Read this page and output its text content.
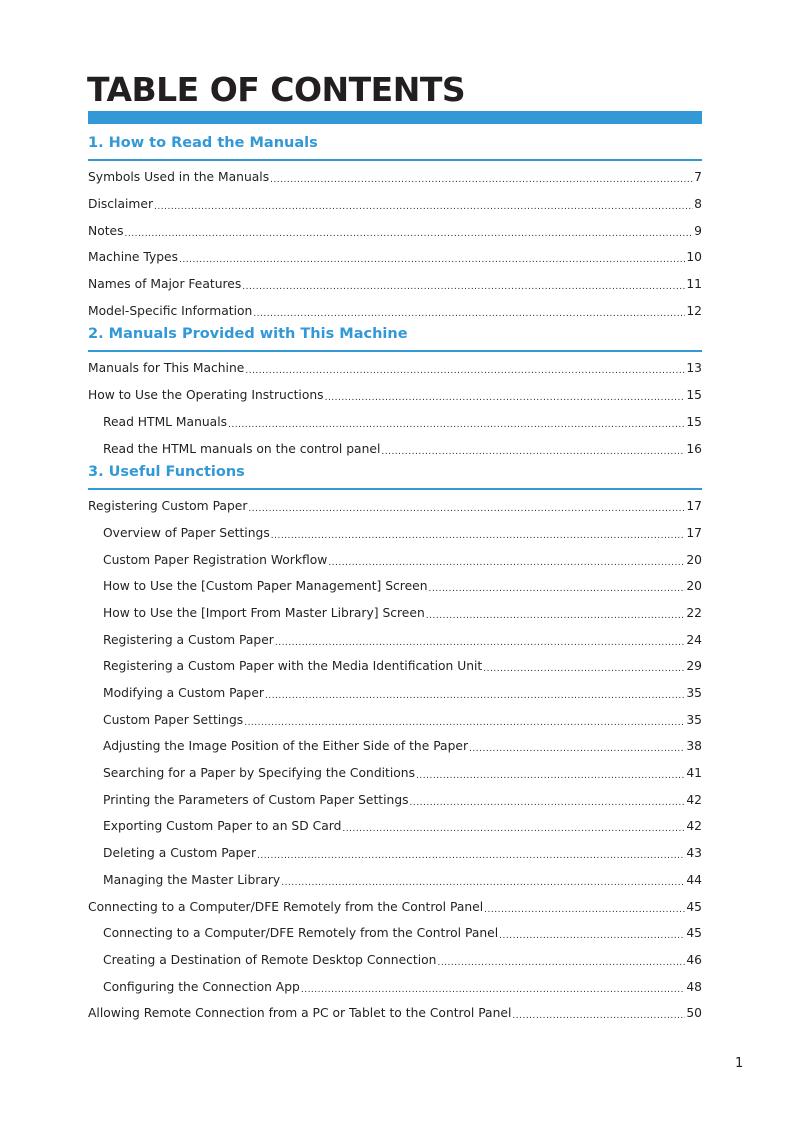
TABLE OF CONTENTS
1. How to Read the Manuals
Symbols Used in the Manuals .....	7
Disclaimer .....	8
Notes .....	9
Machine Types .....	10
Names of Major Features .....	11
Model-Specific Information .....	12
2. Manuals Provided with This Machine
Manuals for This Machine .....	13
How to Use the Operating Instructions .....	15
Read HTML Manuals .....	15
Read the HTML manuals on the control panel .....	16
3. Useful Functions
Registering Custom Paper .....	17
Overview of Paper Settings .....	17
Custom Paper Registration Workflow .....	20
How to Use the [Custom Paper Management] Screen .....	20
How to Use the [Import From Master Library] Screen .....	22
Registering a Custom Paper .....	24
Registering a Custom Paper with the Media Identification Unit .....	29
Modifying a Custom Paper .....	35
Custom Paper Settings .....	35
Adjusting the Image Position of the Either Side of the Paper .....	38
Searching for a Paper by Specifying the Conditions .....	41
Printing the Parameters of Custom Paper Settings .....	42
Exporting Custom Paper to an SD Card .....	42
Deleting a Custom Paper .....	43
Managing the Master Library .....	44
Connecting to a Computer/DFE Remotely from the Control Panel .....	45
Connecting to a Computer/DFE Remotely from the Control Panel .....	45
Creating a Destination of Remote Desktop Connection .....	46
Configuring the Connection App .....	48
Allowing Remote Connection from a PC or Tablet to the Control Panel .....	50
1
